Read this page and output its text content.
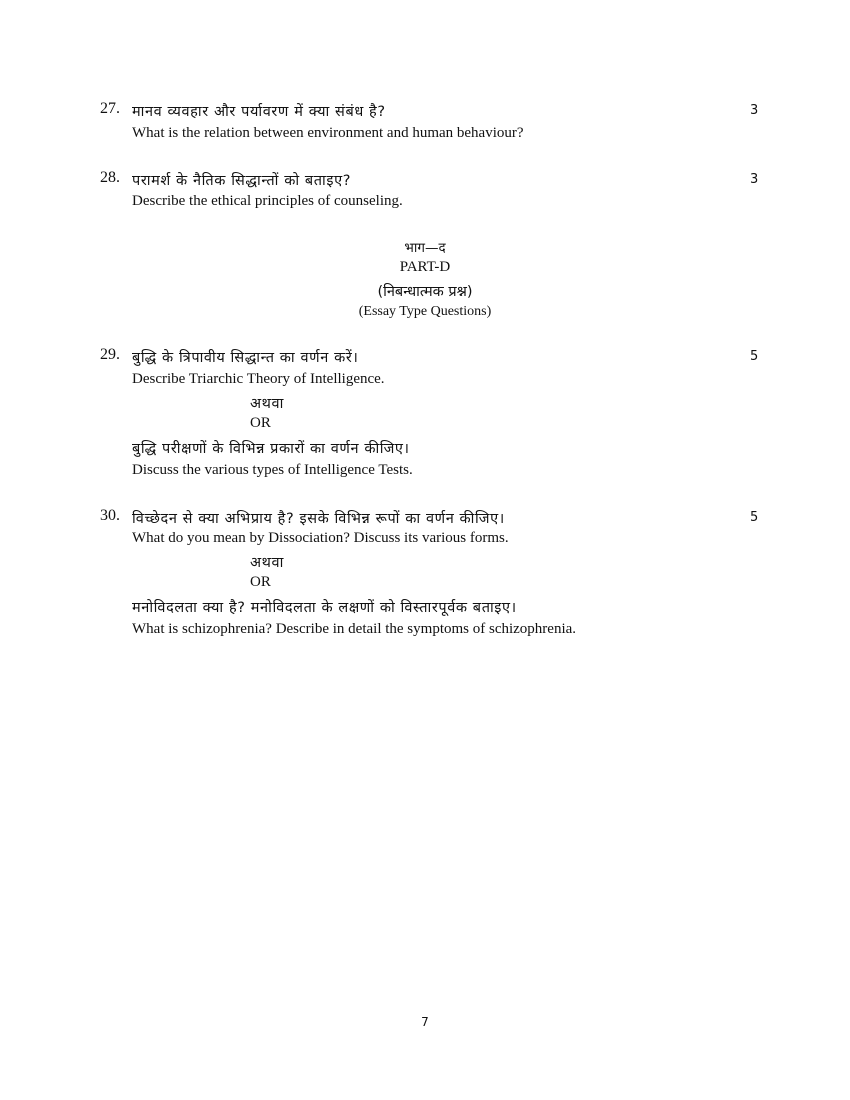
27. मानव व्यवहार और पर्यावरण में क्या संबंध है?	3
What is the relation between environment and human behaviour?
28. परामर्श के नैतिक सिद्धान्तों को बताइए?	3
Describe the ethical principles of counseling.
भाग—द
PART-D
(निबन्धात्मक प्रश्न)
(Essay Type Questions)
29. बुद्धि के त्रिपावीय सिद्धान्त का वर्णन करें।	5
Describe Triarchic Theory of Intelligence.
अथवा
OR
बुद्धि परीक्षणों के विभिन्न प्रकारों का वर्णन कीजिए।
Discuss the various types of Intelligence Tests.
30. विच्छेदन से क्या अभिप्राय है? इसके विभिन्न रूपों का वर्णन कीजिए।	5
What do you mean by Dissociation? Discuss its various forms.
अथवा
OR
मनोविदलता क्या है? मनोविदलता के लक्षणों को विस्तारपूर्वक बताइए।
What is schizophrenia? Describe in detail the symptoms of schizophrenia.
7
